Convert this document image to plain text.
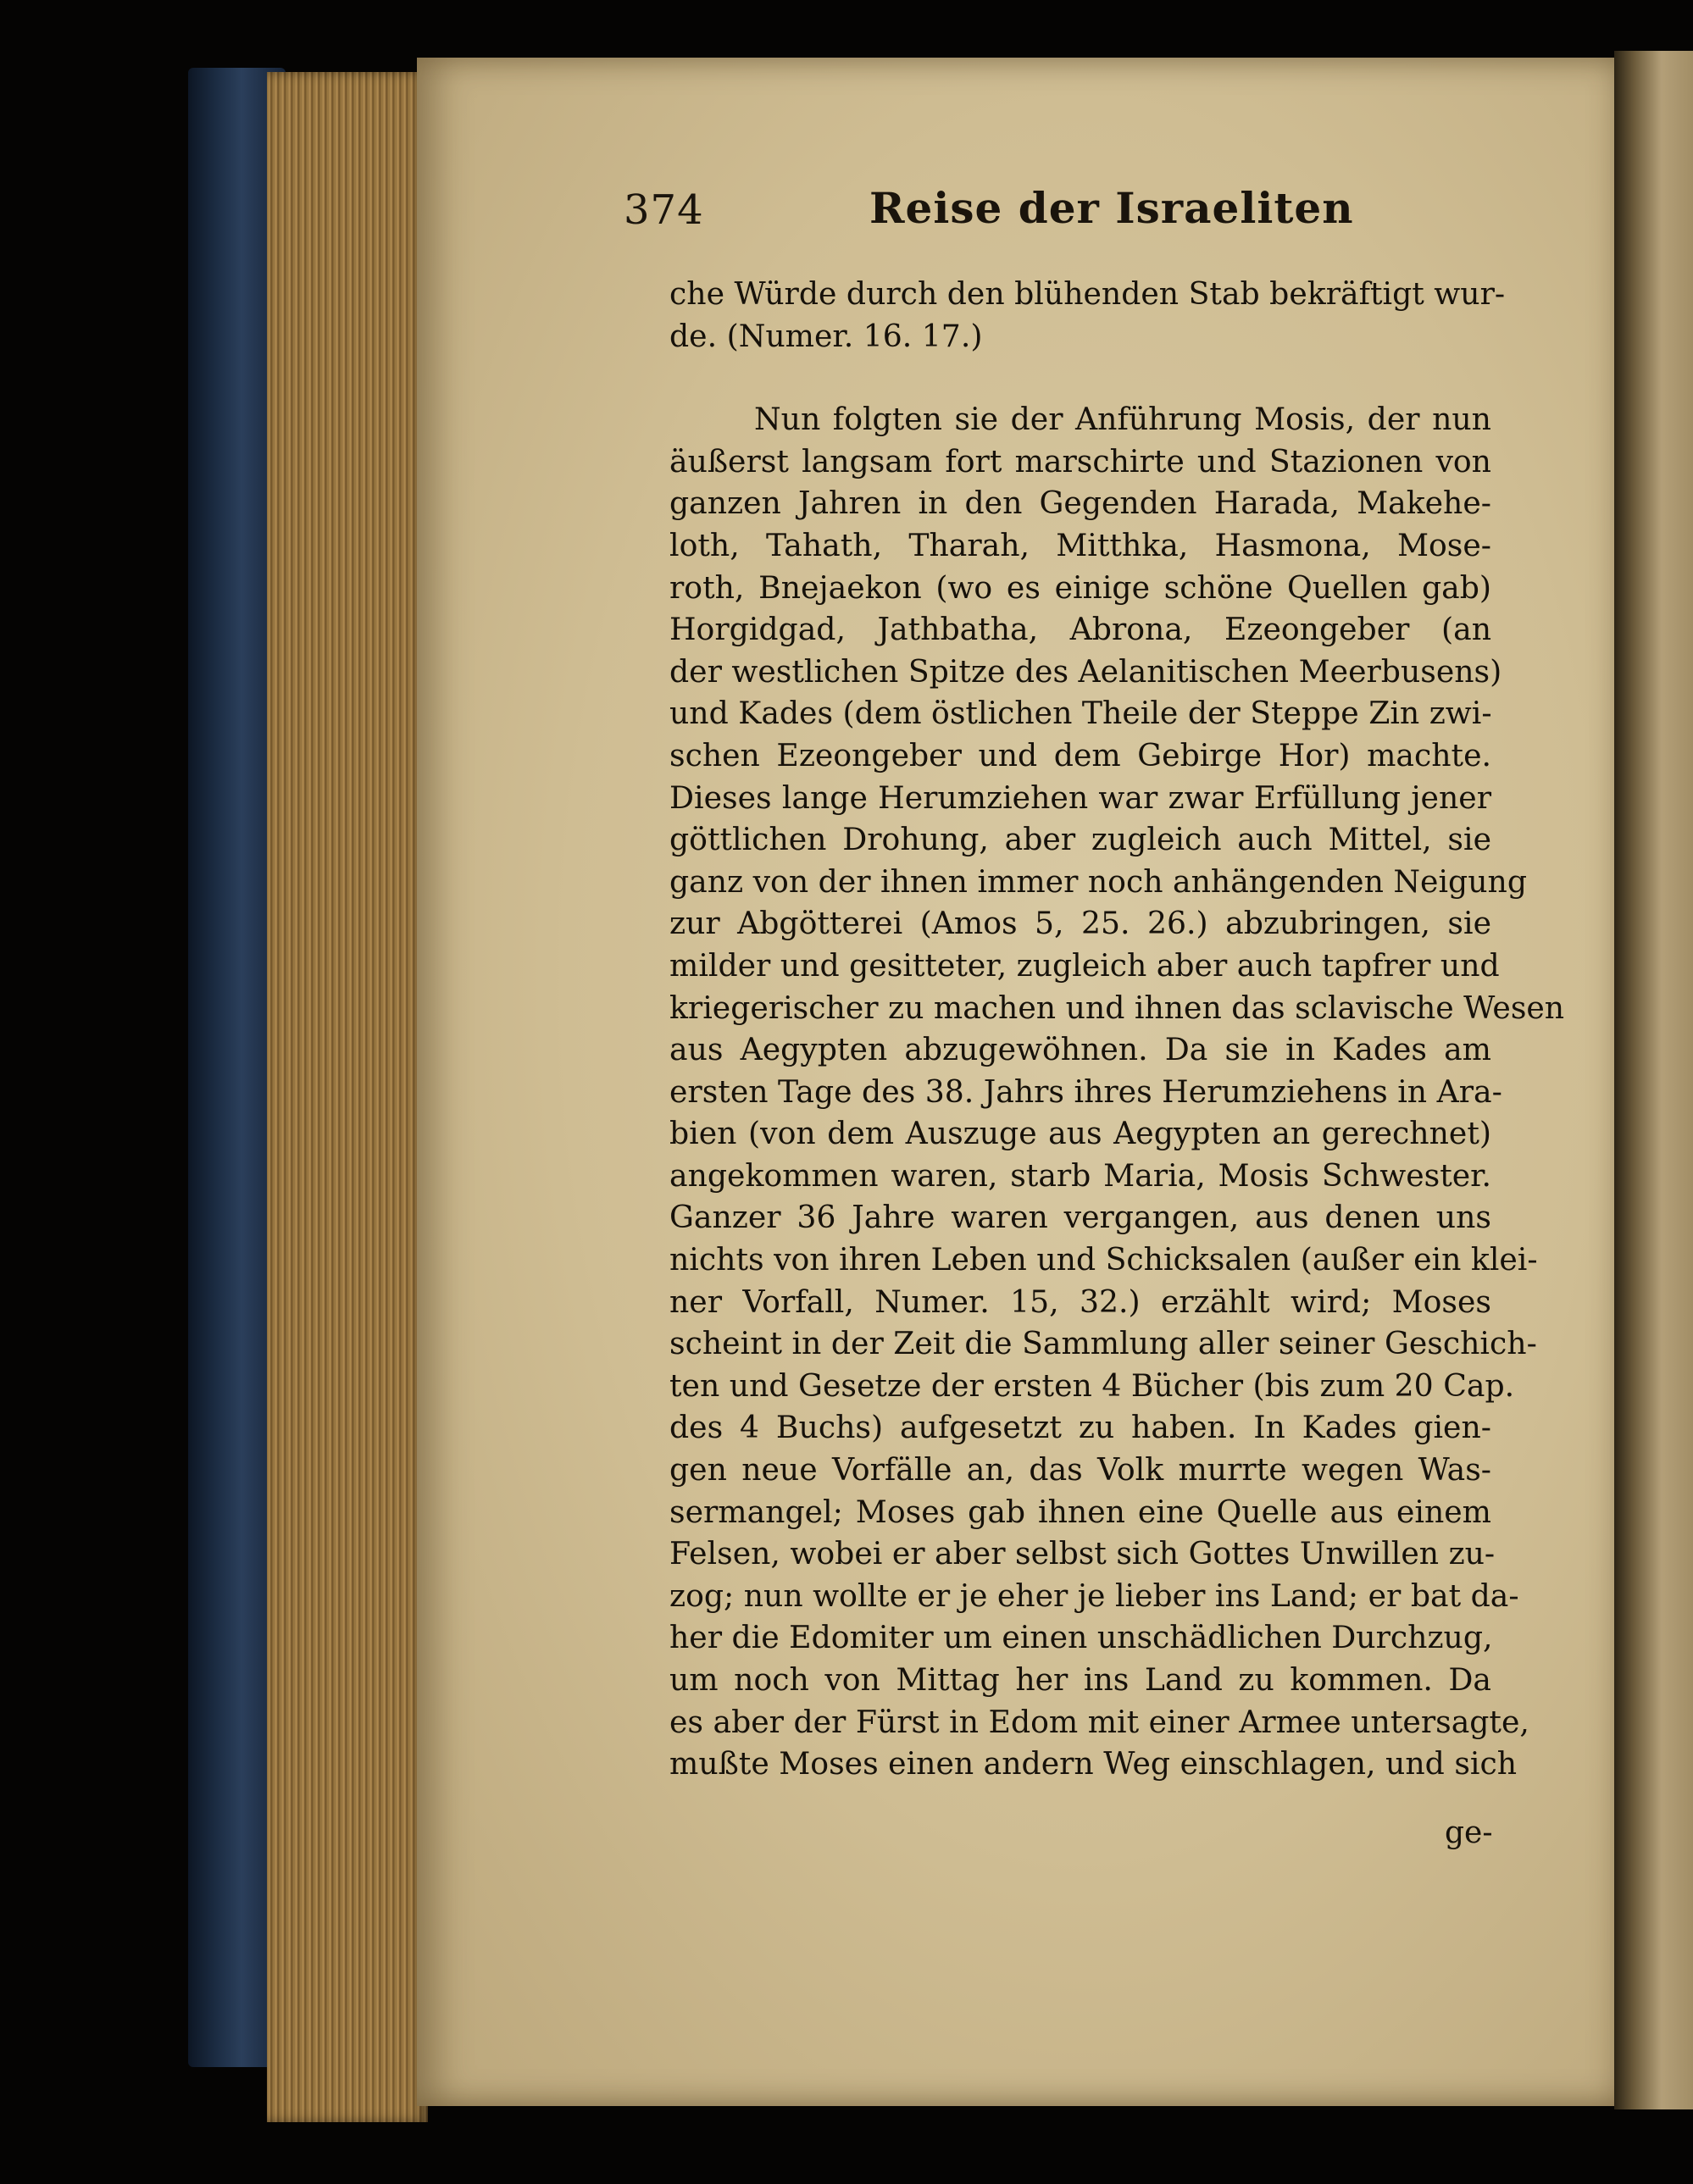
374	Reise der Israeliten
che Würde durch den blühenden Stab bekräftigt wur-
de. (Numer. 16. 17.)
Nun folgten sie der Anführung Mosis, der nun
äußerst langsam fort marschirte und Stazionen von
ganzen Jahren in den Gegenden Harada, Makehe-
loth, Tahath, Tharah, Mitthka, Hasmona, Mose-
roth, Bnejaekon (wo es einige schöne Quellen gab)
Horgidgad, Jathbatha, Abrona, Ezeongeber (an
der westlichen Spitze des Aelanitischen Meerbusens)
und Kades (dem östlichen Theile der Steppe Zin zwi-
schen Ezeongeber und dem Gebirge Hor) machte.
Dieses lange Herumziehen war zwar Erfüllung jener
göttlichen Drohung, aber zugleich auch Mittel, sie
ganz von der ihnen immer noch anhängenden Neigung
zur Abgötterei (Amos 5, 25. 26.) abzubringen, sie
milder und gesitteter, zugleich aber auch tapfrer und
kriegerischer zu machen und ihnen das sclavische Wesen
aus Aegypten abzugewöhnen. Da sie in Kades am
ersten Tage des 38. Jahrs ihres Herumziehens in Ara-
bien (von dem Auszuge aus Aegypten an gerechnet)
angekommen waren, starb Maria, Mosis Schwester.
Ganzer 36 Jahre waren vergangen, aus denen uns
nichts von ihren Leben und Schicksalen (außer ein klei-
ner Vorfall, Numer. 15, 32.) erzählt wird; Moses
scheint in der Zeit die Sammlung aller seiner Geschich-
ten und Gesetze der ersten 4 Bücher (bis zum 20 Cap.
des 4 Buchs) aufgesetzt zu haben. In Kades gien-
gen neue Vorfälle an, das Volk murrte wegen Was-
sermangel; Moses gab ihnen eine Quelle aus einem
Felsen, wobei er aber selbst sich Gottes Unwillen zu-
zog; nun wollte er je eher je lieber ins Land; er bat da-
her die Edomiter um einen unschädlichen Durchzug,
um noch von Mittag her ins Land zu kommen. Da
es aber der Fürst in Edom mit einer Armee untersagte,
mußte Moses einen andern Weg einschlagen, und sich
ge-
